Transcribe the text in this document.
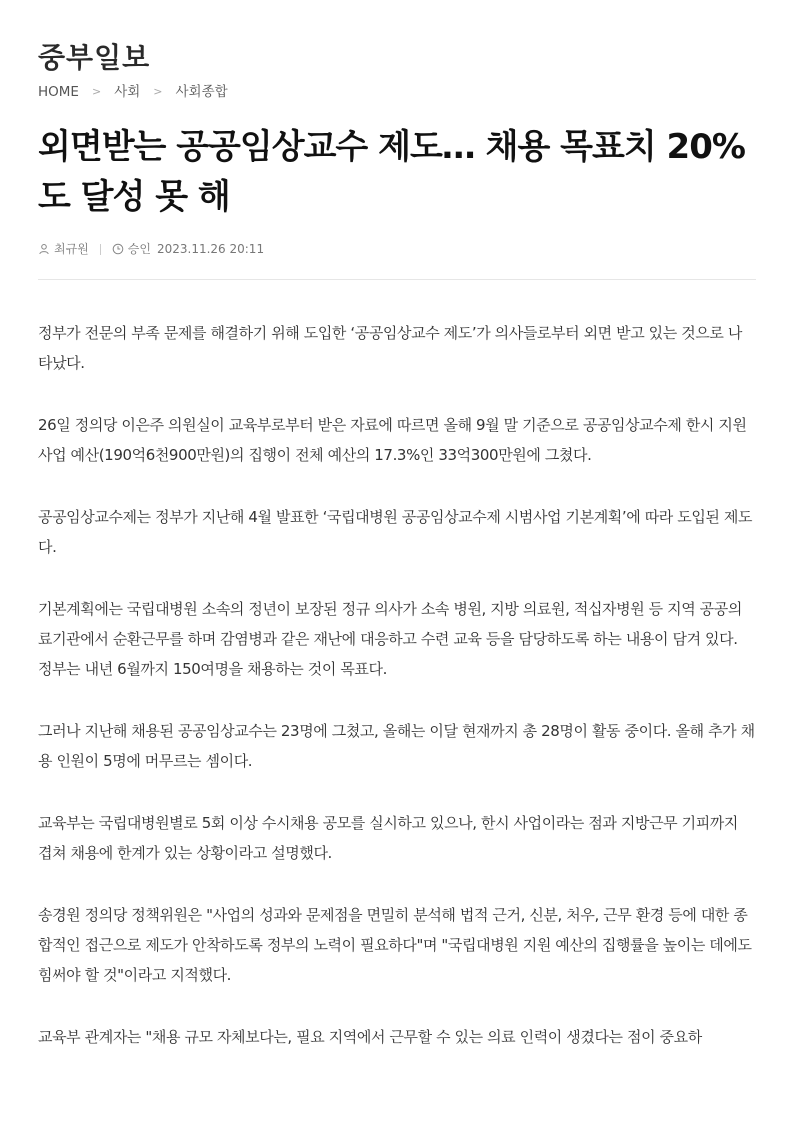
중부일보
HOME > 사회 > 사회종합
외면받는 공공임상교수 제도… 채용 목표치 20%도 달성 못 해
최규원	승인 2023.11.26 20:11

정부가 전문의 부족 문제를 해결하기 위해 도입한 ‘공공임상교수 제도’가 의사들로부터 외면 받고 있는 것으로 나타났다.

26일 정의당 이은주 의원실이 교육부로부터 받은 자료에 따르면 올해 9월 말 기준으로 공공임상교수제 한시 지원사업 예산(190억6천900만원)의 집행이 전체 예산의 17.3%인 33억300만원에 그쳤다.

공공임상교수제는 정부가 지난해 4월 발표한 ‘국립대병원 공공임상교수제 시범사업 기본계획’에 따라 도입된 제도다.

기본계획에는 국립대병원 소속의 정년이 보장된 정규 의사가 소속 병원, 지방 의료원, 적십자병원 등 지역 공공의료기관에서 순환근무를 하며 감염병과 같은 재난에 대응하고 수련 교육 등을 담당하도록 하는 내용이 담겨 있다. 정부는 내년 6월까지 150여명을 채용하는 것이 목표다.

그러나 지난해 채용된 공공임상교수는 23명에 그쳤고, 올해는 이달 현재까지 총 28명이 활동 중이다. 올해 추가 채용 인원이 5명에 머무르는 셈이다.

교육부는 국립대병원별로 5회 이상 수시채용 공모를 실시하고 있으나, 한시 사업이라는 점과 지방근무 기피까지 겹쳐 채용에 한계가 있는 상황이라고 설명했다.

송경원 정의당 정책위원은 "사업의 성과와 문제점을 면밀히 분석해 법적 근거, 신분, 처우, 근무 환경 등에 대한 종합적인 접근으로 제도가 안착하도록 정부의 노력이 필요하다"며 "국립대병원 지원 예산의 집행률을 높이는 데에도 힘써야 할 것"이라고 지적했다.

교육부 관계자는 "채용 규모 자체보다는, 필요 지역에서 근무할 수 있는 의료 인력이 생겼다는 점이 중요하
